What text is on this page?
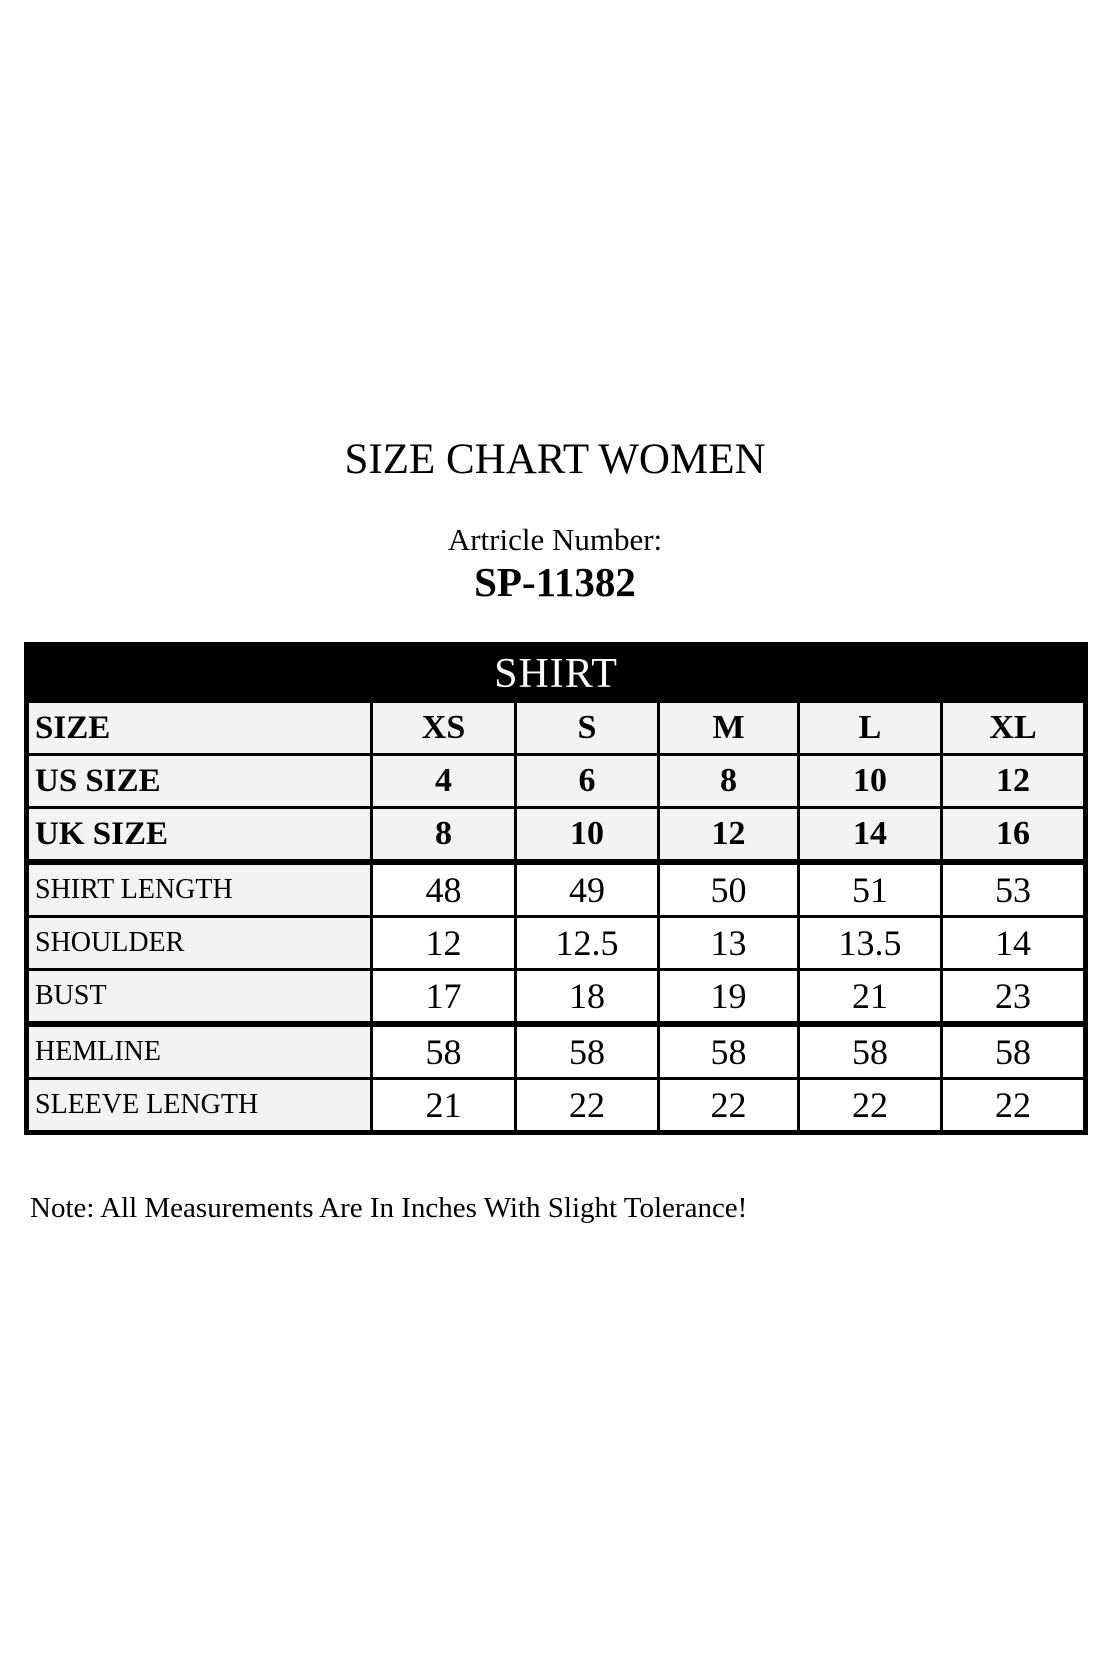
SIZE CHART WOMEN
Artricle Number:
SP-11382
SHIRT					
SIZE	XS	S	M	L	XL
US SIZE	4	6	8	10	12
UK SIZE	8	10	12	14	16
SHIRT LENGTH	48	49	50	51	53
SHOULDER	12	12.5	13	13.5	14
BUST	17	18	19	21	23
HEMLINE	58	58	58	58	58
SLEEVE LENGTH	21	22	22	22	22
Note: All Measurements Are In Inches With Slight Tolerance!
